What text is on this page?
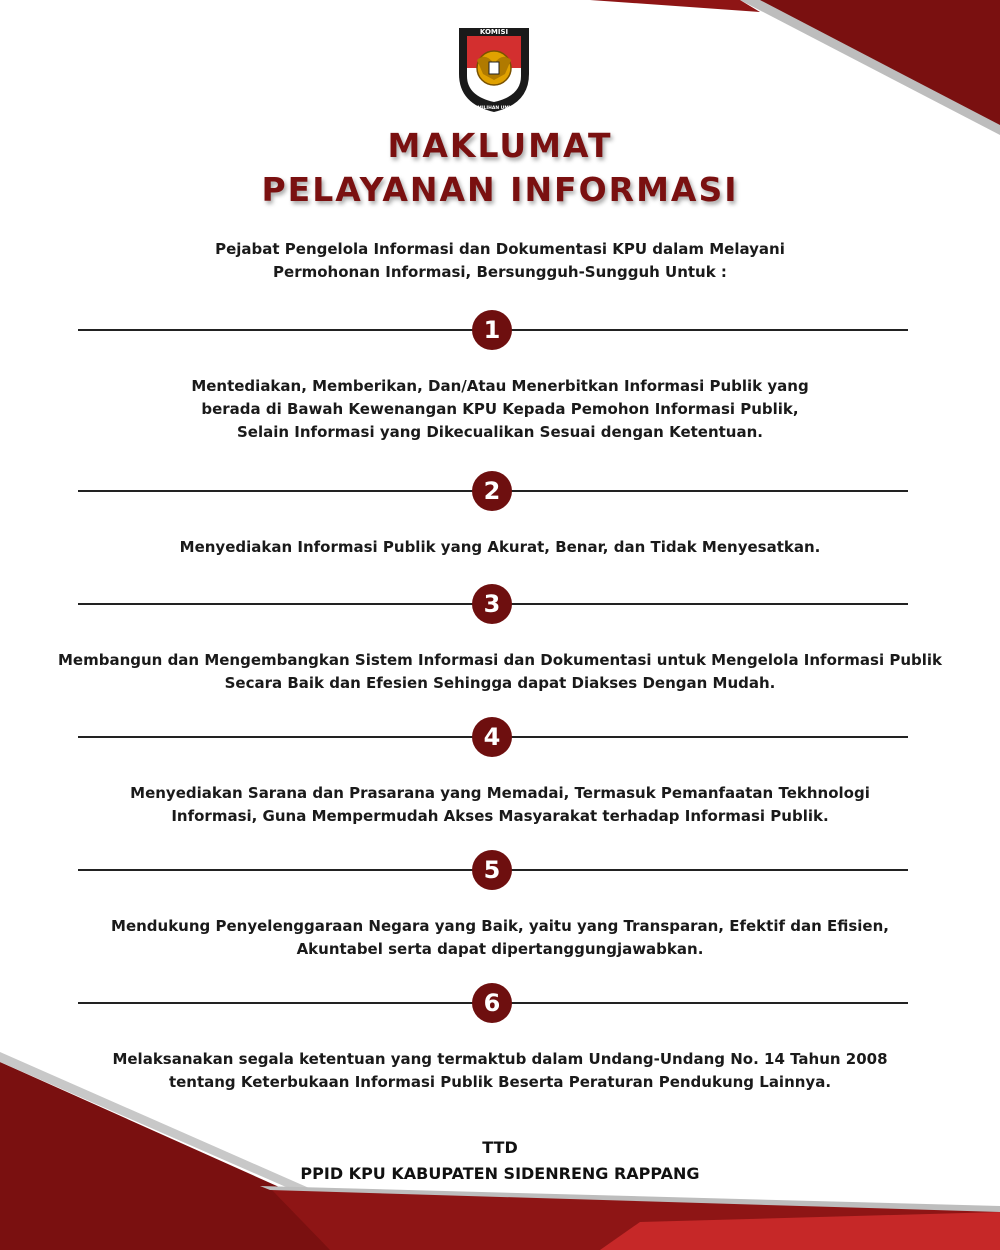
KOMISI
PEMILIHAN UMUM
MAKLUMAT
PELAYANAN INFORMASI

Pejabat Pengelola Informasi dan Dokumentasi KPU dalam Melayani
Permohonan Informasi, Bersungguh-Sungguh Untuk :

1

Mentediakan, Memberikan, Dan/Atau Menerbitkan Informasi Publik yang
berada di Bawah Kewenangan KPU Kepada Pemohon Informasi Publik,
Selain Informasi yang Dikecualikan Sesuai dengan Ketentuan.

2

Menyediakan Informasi Publik yang Akurat, Benar, dan Tidak Menyesatkan.

3

Membangun dan Mengembangkan Sistem Informasi dan Dokumentasi untuk Mengelola Informasi Publik
Secara Baik dan Efesien Sehingga dapat Diakses Dengan Mudah.

4

Menyediakan Sarana dan Prasarana yang Memadai, Termasuk Pemanfaatan Tekhnologi
Informasi, Guna Mempermudah Akses Masyarakat terhadap Informasi Publik.

5

Mendukung Penyelenggaraan Negara yang Baik, yaitu yang Transparan, Efektif dan Efisien,
Akuntabel serta dapat dipertanggungjawabkan.

6

Melaksanakan segala ketentuan yang termaktub dalam Undang-Undang No. 14 Tahun 2008
tentang Keterbukaan Informasi Publik Beserta Peraturan Pendukung Lainnya.

TTD

PPID KPU KABUPATEN SIDENRENG RAPPANG
